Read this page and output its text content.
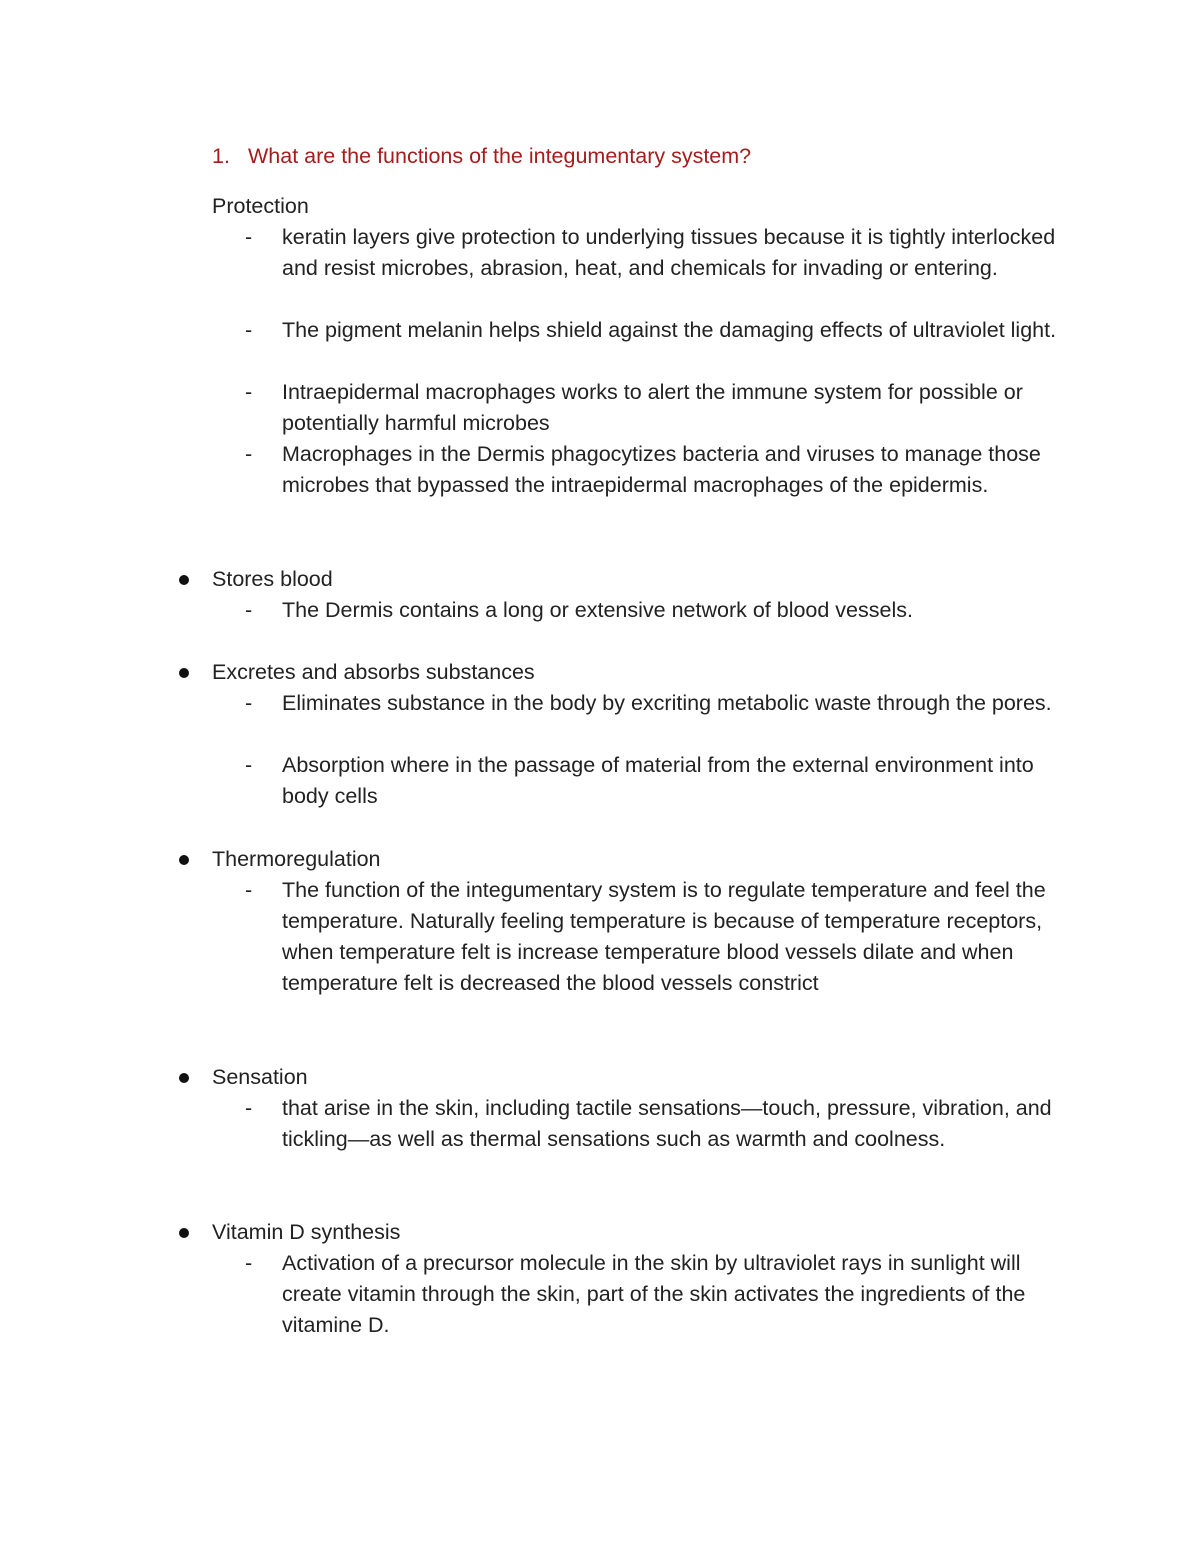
1. What are the functions of the integumentary system?
Protection
- keratin layers give protection to underlying tissues because it is tightly interlocked and resist microbes, abrasion, heat, and chemicals for invading or entering.
- The pigment melanin helps shield against the damaging effects of ultraviolet light.
- Intraepidermal macrophages works to alert the immune system for possible or potentially harmful microbes
- Macrophages in the Dermis phagocytizes bacteria and viruses to manage those microbes that bypassed the intraepidermal macrophages of the epidermis.
Stores blood
- The Dermis contains a long or extensive network of blood vessels.
Excretes and absorbs substances
- Eliminates substance in the body by excriting metabolic waste through the pores.
- Absorption where in the passage of material from the external environment into body cells
Thermoregulation
- The function of the integumentary system is to regulate temperature and feel the temperature. Naturally feeling temperature is because of temperature receptors, when temperature felt is increase temperature blood vessels dilate and when temperature felt is decreased the blood vessels constrict
Sensation
- that arise in the skin, including tactile sensations—touch, pressure, vibration, and tickling—as well as thermal sensations such as warmth and coolness.
Vitamin D synthesis
- Activation of a precursor molecule in the skin by ultraviolet rays in sunlight will create vitamin through the skin, part of the skin activates the ingredients of the vitamine D.
